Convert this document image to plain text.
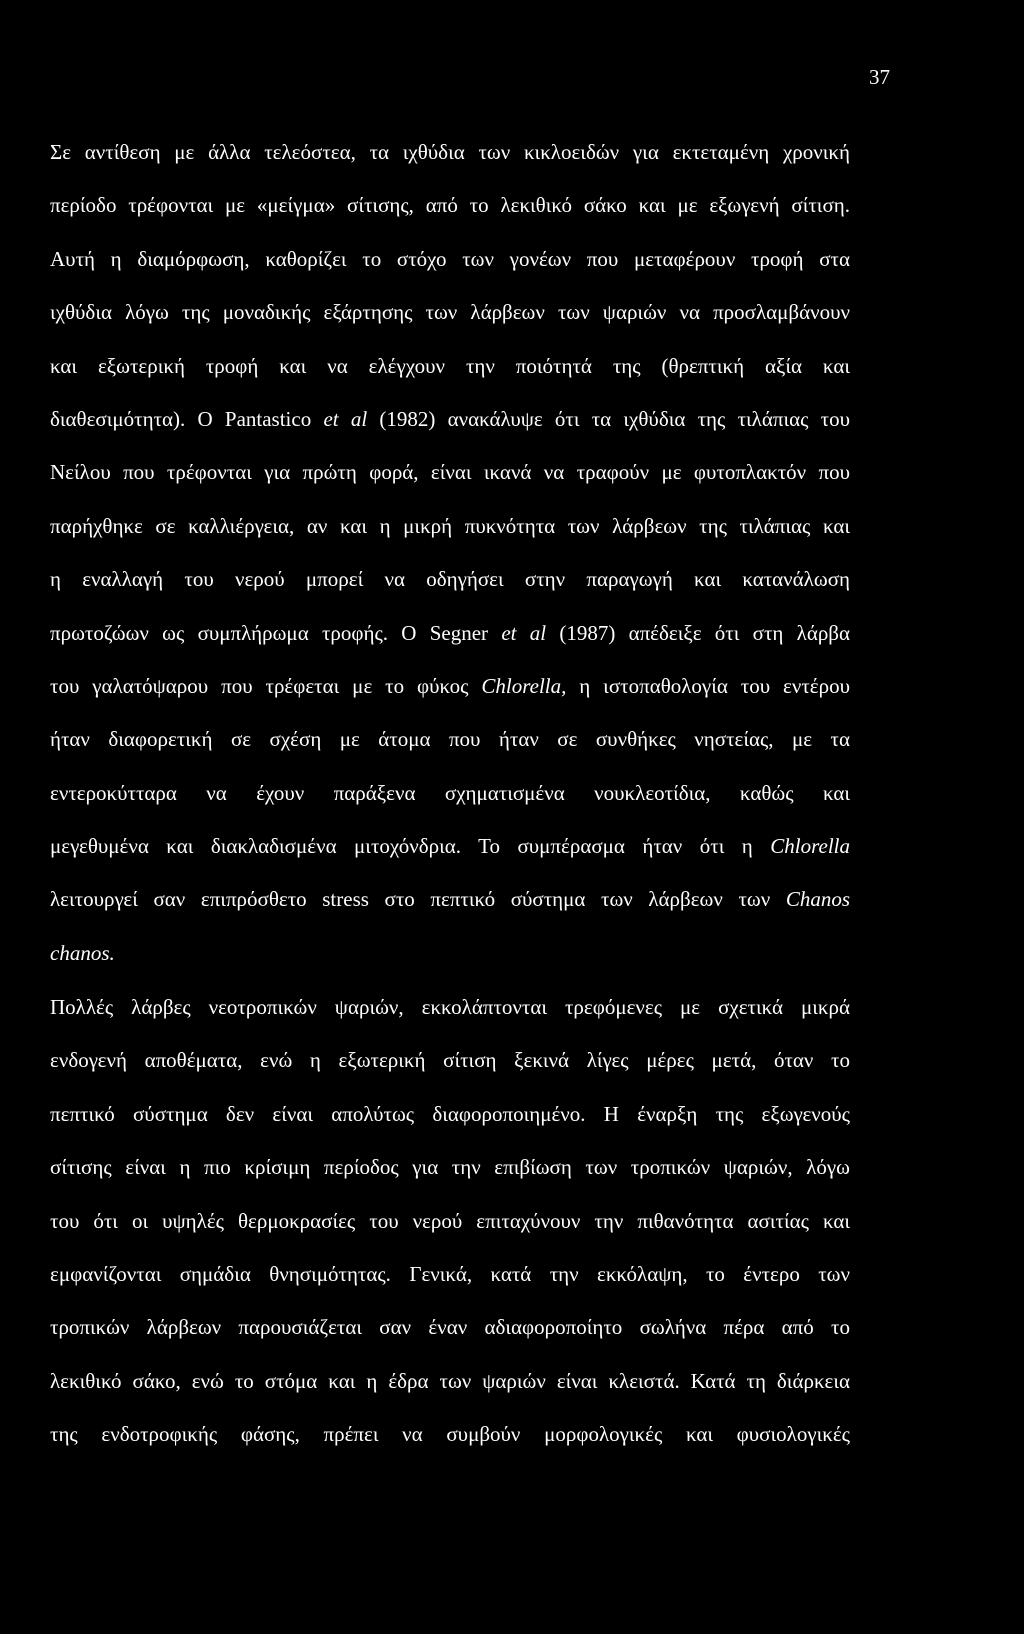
37
Σε αντίθεση με άλλα τελεόστεα, τα ιχθύδια των κικλοειδών για εκτεταμένη χρονική
περίοδο τρέφονται με «μείγμα» σίτισης, από το λεκιθικό σάκο και με εξωγενή σίτιση.
Αυτή η διαμόρφωση, καθορίζει το στόχο των γονέων που μεταφέρουν τροφή στα
ιχθύδια λόγω της μοναδικής εξάρτησης των λάρβεων των ψαριών να προσλαμβάνουν
και εξωτερική τροφή και να ελέγχουν την ποιότητά της (θρεπτική αξία και
διαθεσιμότητα). Ο Pantastico et al (1982) ανακάλυψε ότι τα ιχθύδια της τιλάπιας του
Νείλου που τρέφονται για πρώτη φορά, είναι ικανά να τραφούν με φυτοπλακτόν που
παρήχθηκε σε καλλιέργεια, αν και η μικρή πυκνότητα των λάρβεων της τιλάπιας και
η εναλλαγή του νερού μπορεί να οδηγήσει στην παραγωγή και κατανάλωση
πρωτοζώων ως συμπλήρωμα τροφής. Ο Segner et al (1987) απέδειξε ότι στη λάρβα
του γαλατόψαρου που τρέφεται με το φύκος Chlorella, η ιστοπαθολογία του εντέρου
ήταν διαφορετική σε σχέση με άτομα που ήταν σε συνθήκες νηστείας, με τα
εντεροκύτταρα να έχουν παράξενα σχηματισμένα νουκλεοτίδια, καθώς και
μεγεθυμένα και διακλαδισμένα μιτοχόνδρια. Το συμπέρασμα ήταν ότι η Chlorella
λειτουργεί σαν επιπρόσθετο stress στο πεπτικό σύστημα των λάρβεων των Chanos
chanos.
Πολλές λάρβες νεοτροπικών ψαριών, εκκολάπτονται τρεφόμενες με σχετικά μικρά
ενδογενή αποθέματα, ενώ η εξωτερική σίτιση ξεκινά λίγες μέρες μετά, όταν το
πεπτικό σύστημα δεν είναι απολύτως διαφοροποιημένο. Η έναρξη της εξωγενούς
σίτισης είναι η πιο κρίσιμη περίοδος για την επιβίωση των τροπικών ψαριών, λόγω
του ότι οι υψηλές θερμοκρασίες του νερού επιταχύνουν την πιθανότητα ασιτίας και
εμφανίζονται σημάδια θνησιμότητας. Γενικά, κατά την εκκόλαψη, το έντερο των
τροπικών λάρβεων παρουσιάζεται σαν έναν αδιαφοροποίητο σωλήνα πέρα από το
λεκιθικό σάκο, ενώ το στόμα και η έδρα των ψαριών είναι κλειστά. Κατά τη διάρκεια
της ενδοτροφικής φάσης, πρέπει να συμβούν μορφολογικές και φυσιολογικές
